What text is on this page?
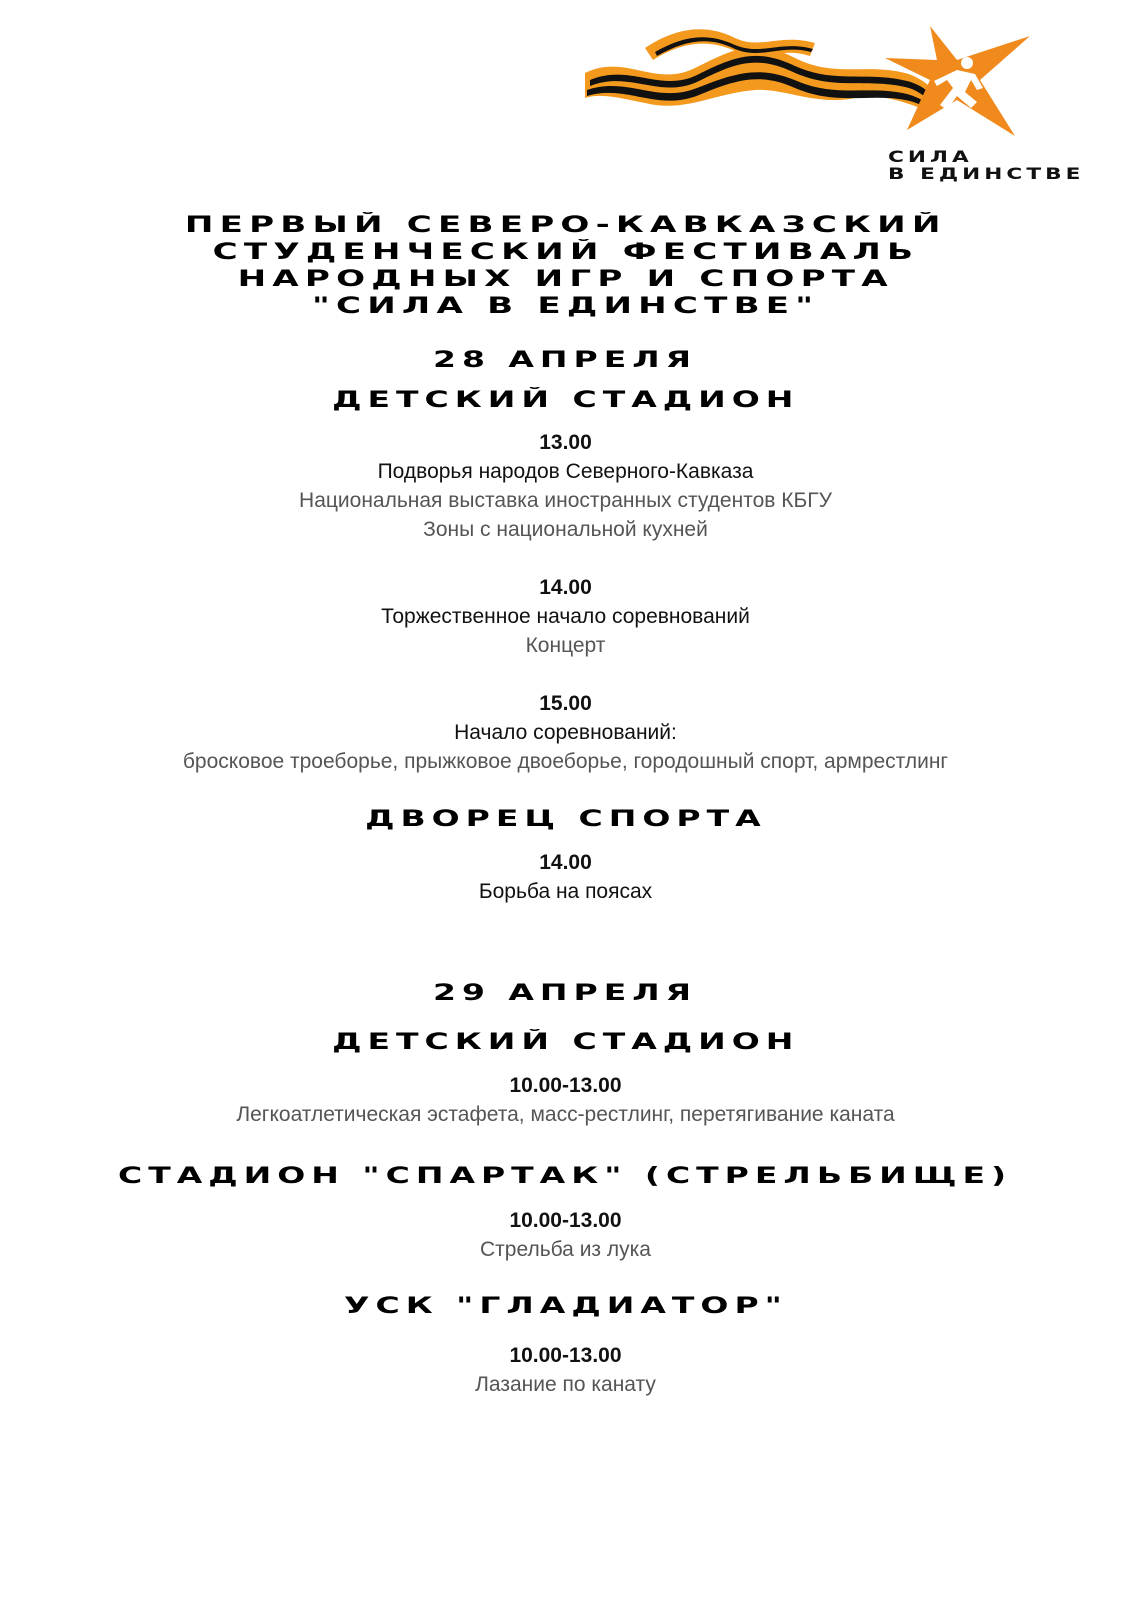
СИЛА
В ЕДИНСТВЕ
ПЕРВЫЙ СЕВЕРО-КАВКАЗСКИЙ
СТУДЕНЧЕСКИЙ ФЕСТИВАЛЬ
НАРОДНЫХ ИГР И СПОРТА
"СИЛА В ЕДИНСТВЕ"
28 АПРЕЛЯ
ДЕТСКИЙ СТАДИОН
13.00
Подворья народов Северного-Кавказа
Национальная выставка иностранных студентов КБГУ
Зоны с национальной кухней
14.00
Торжественное начало соревнований
Концерт
15.00
Начало соревнований:
бросковое троеборье, прыжковое двоеборье, городошный спорт, армрестлинг
ДВОРЕЦ СПОРТА
14.00
Борьба на поясах
29 АПРЕЛЯ
ДЕТСКИЙ СТАДИОН
10.00-13.00
Легкоатлетическая эстафета, масс-рестлинг, перетягивание каната
СТАДИОН "СПАРТАК" (СТРЕЛЬБИЩЕ)
10.00-13.00
Стрельба из лука
УСК "ГЛАДИАТОР"
10.00-13.00
Лазание по канату
